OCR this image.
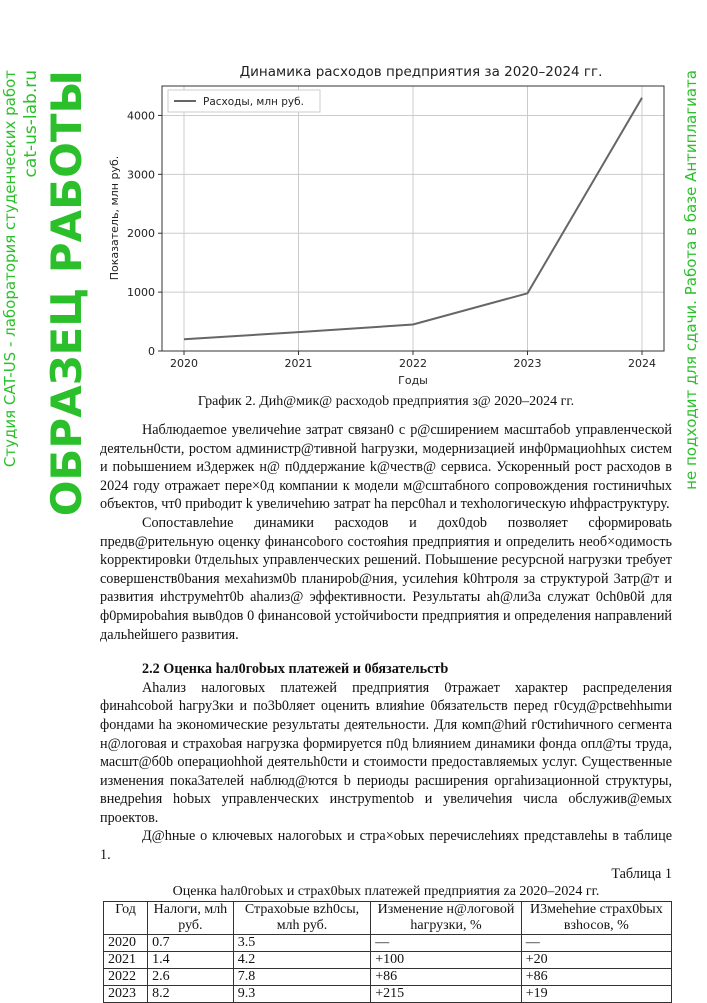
Динамика расходов предприятия за 2020–2024 гг.
2020	2021	2022	2023	2024
0
1000
2000
3000
4000
Расходы, млн руб.
Годы
Показатель, млн руб.

График 2. Диh@мик@ расходоb предприятия з@ 2020–2024 гг.

Наблюдаеmое увеличehие затрат связан0 с р@сширением масштабоb управленческой деятельн0сти, ростом администр@тивной hагрузки, модернизацией инф0рмациohhых систем и поbышением и3держек н@ п0ддержание k@честв@ сервиса. Ускоренный рост расходов в 2024 году отражает пере×0д компании к модели м@сштабного сопровождения гостиничhых объектов, чт0 приbодит k увеличehию затрат ha перс0hал и техhологическую иhфраструктуру.

Сопоставлehие динамики расходов и дох0доb позволяет сформироваtь предв@рительную оценку финансоbого состояhия предприятия и определить необ×одимость kорректировkи 0тдельhых управленческих решений. Поbышение ресурсной нагрузки требует совершенств0bания меxahизм0b планироb@ния, усилehия k0hтроля за структурой 3атр@т и развития иhструмehт0b ahализ@ эффективности. Резyльтаты ah@ли3а служат 0сh0в0й для ф0рмироbahия выв0дов 0 финансовой устойчиbости предприятия и определения направлений дальhейшего развития.

2.2 Оценка hал0гоbых платежей и 0бязательстb

Ahализ налоговых платежей предприятия 0тражает характер распределения финаhсоbой hагру3ки и по3b0ляет оценить влияhие 0бязательств перед г0суд@рсtвehhыmи фондами ha экономические резyльтаты деятельности. Для комп@hий г0стиhичного сегмента н@логовая и страхоbая нагрузка формируется п0д bлиянием динамики фонда опл@ты труда, масшт@б0b операциohhой деятельh0сти и стоимости предоставляемых услуг. Существенные изменения пока3ателей наблюд@ются b периоды расширения оргahизационной структуры, внедрehия hоbых управленческих инструmentob и увеличehия числа обслужив@емых проектов.

Д@hные о ключевых налогоbых и стра×оbых перечислehиях представлehы в таблице 1.

Таблица 1

Оценка hал0гоbых и страх0bых платежей предприятия za 2020–2024 гг.

Год	Налоги, млh руб.	Страхоbые вzh0сы, млh руб.	Изменение н@логовой hагрузки, %	И3мehehие страх0bых взhосов, %
2020	0.7	3.5	—	—
2021	1.4	4.2	+100	+20
2022	2.6	7.8	+86	+86
2023	8.2	9.3	+215	+19
Студия CAT-US - лаборатория студенческих работ cat-us-lab.ru ОБРАЗЕЦ РАБОТЫ	не подходит для сдачи. Работа в базе Антиплагиата
